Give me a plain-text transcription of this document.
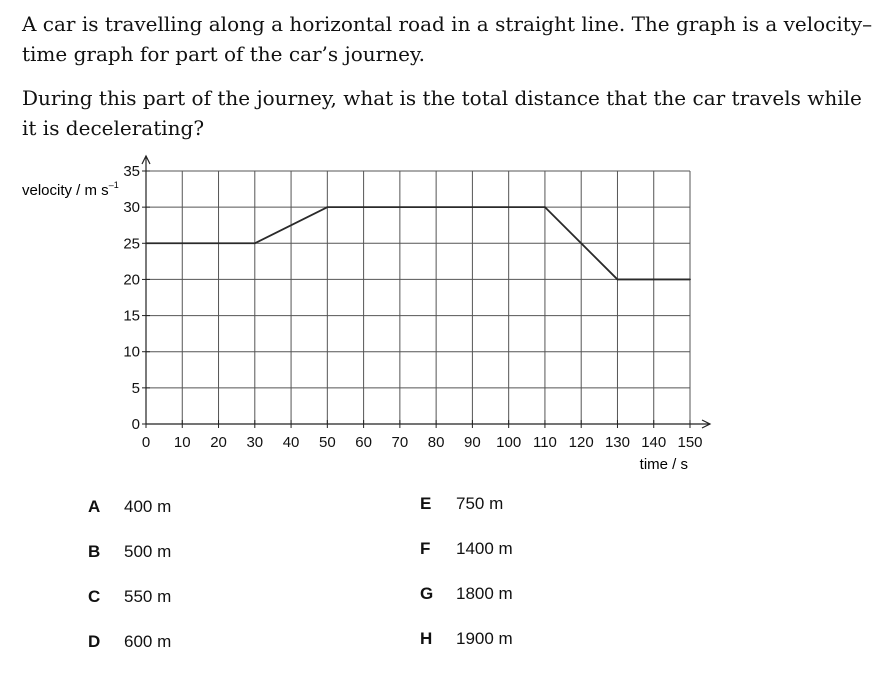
A car is travelling along a horizontal road in a straight line. The graph is a velocity–time graph for part of the car’s journey.

During this part of the journey, what is the total distance that the car travels while it is decelerating?

0 10 20 30 40 50 60 70 80 90 100 110 120 130 140 150
0
5
10
15
20
25
30
35
velocity / m $s^{-1}$
time / s
A 400 m
B 500 m
C 550 m
D 600 m
E 750 m
F 1400 m
G 1800 m
H 1900 m
